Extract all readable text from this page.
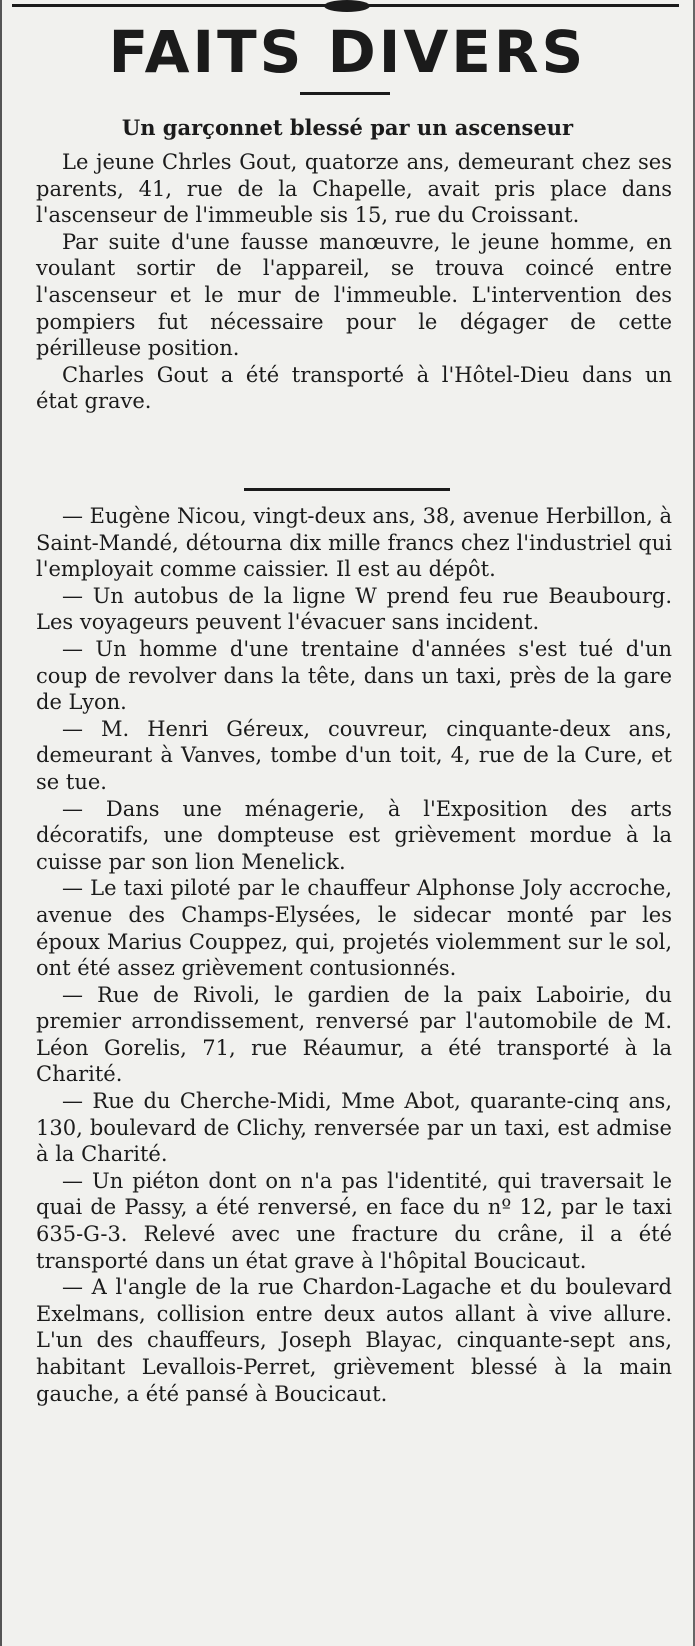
FAITS DIVERS
Un garçonnet blessé par un ascenseur

Le jeune Chrles Gout, quatorze ans, demeurant chez ses parents, 41, rue de la Chapelle, avait pris place dans l'ascenseur de l'immeuble sis 15, rue du Croissant.

Par suite d'une fausse manœuvre, le jeune homme, en voulant sortir de l'appareil, se trouva coincé entre l'ascenseur et le mur de l'immeuble. L'intervention des pompiers fut nécessaire pour le dégager de cette périlleuse position.

Charles Gout a été transporté à l'Hôtel-Dieu dans un état grave.

— Eugène Nicou, vingt-deux ans, 38, avenue Herbillon, à Saint-Mandé, détourna dix mille francs chez l'industriel qui l'employait comme caissier. Il est au dépôt.

— Un autobus de la ligne W prend feu rue Beaubourg. Les voyageurs peuvent l'évacuer sans incident.

— Un homme d'une trentaine d'années s'est tué d'un coup de revolver dans la tête, dans un taxi, près de la gare de Lyon.

— M. Henri Géreux, couvreur, cinquante-deux ans, demeurant à Vanves, tombe d'un toit, 4, rue de la Cure, et se tue.

— Dans une ménagerie, à l'Exposition des arts décoratifs, une dompteuse est grièvement mordue à la cuisse par son lion Menelick.

— Le taxi piloté par le chauffeur Alphonse Joly accroche, avenue des Champs-Elysées, le sidecar monté par les époux Marius Couppez, qui, projetés violemment sur le sol, ont été assez grièvement contusionnés.

— Rue de Rivoli, le gardien de la paix Laboirie, du premier arrondissement, renversé par l'automobile de M. Léon Gorelis, 71, rue Réaumur, a été transporté à la Charité.

— Rue du Cherche-Midi, Mme Abot, quarante-cinq ans, 130, boulevard de Clichy, renversée par un taxi, est admise à la Charité.

— Un piéton dont on n'a pas l'identité, qui traversait le quai de Passy, a été renversé, en face du nº 12, par le taxi 635-G-3. Relevé avec une fracture du crâne, il a été transporté dans un état grave à l'hôpital Boucicaut.

— A l'angle de la rue Chardon-Lagache et du boulevard Exelmans, collision entre deux autos allant à vive allure. L'un des chauffeurs, Joseph Blayac, cinquante-sept ans, habitant Levallois-Perret, grièvement blessé à la main gauche, a été pansé à Boucicaut.
